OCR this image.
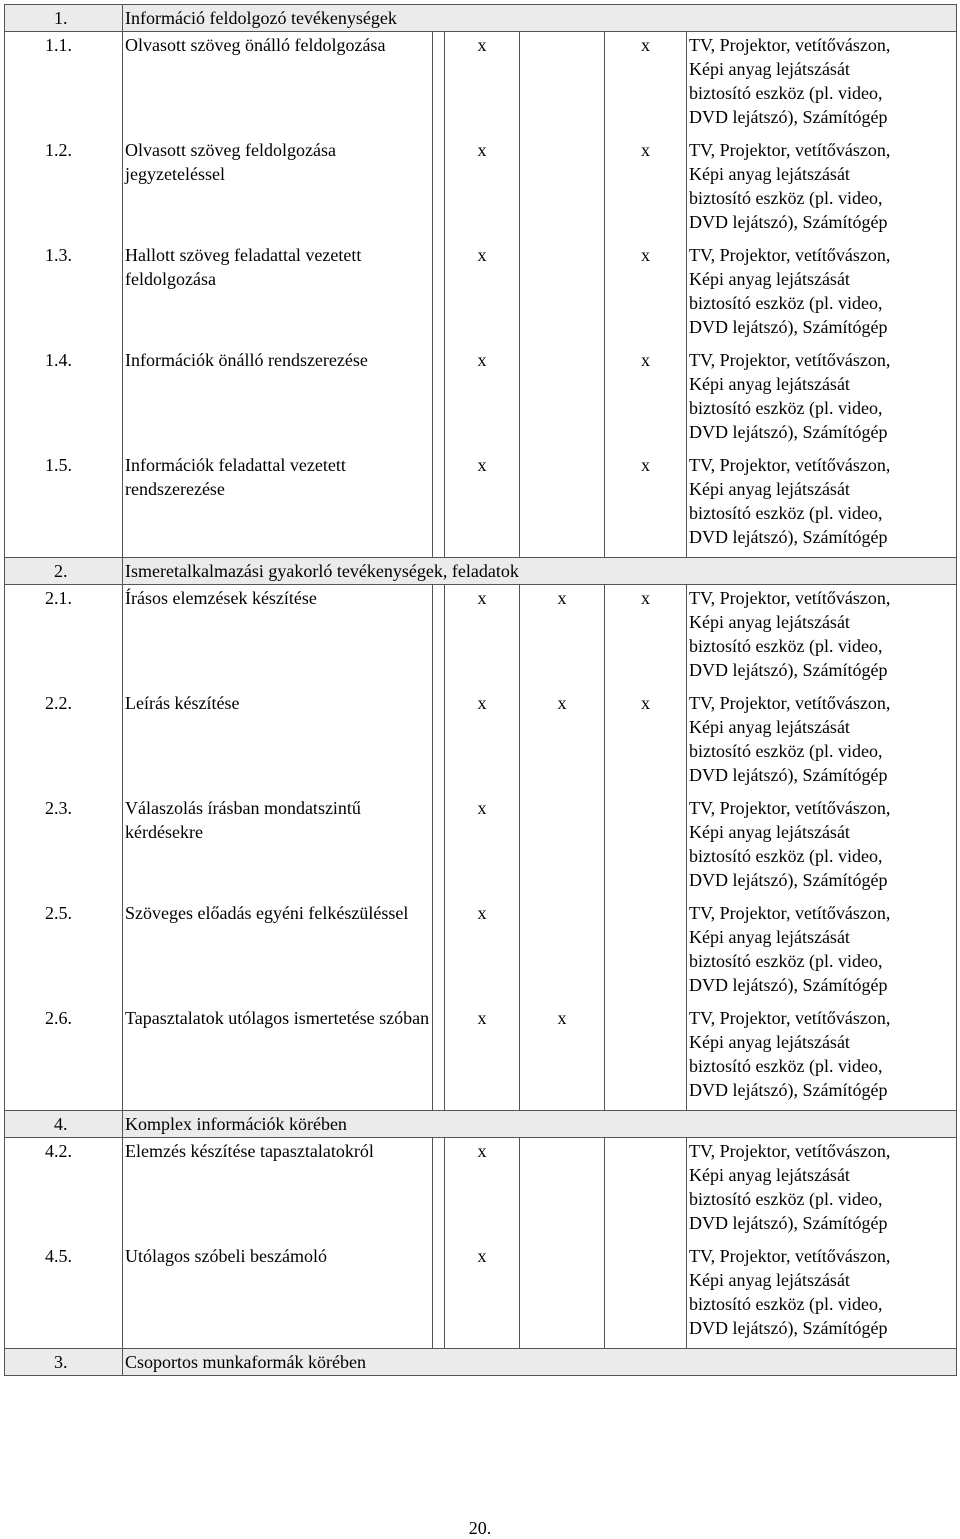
1.	Információ feldolgozó tevékenységek					
1.1.	Olvasott szöveg önálló feldolgozása		x		x	TV, Projektor, vetítővászon,
Képi anyag lejátszását
biztosító eszköz (pl. video,
DVD lejátszó), Számítógép

1.2.	Olvasott szöveg feldolgozása jegyzeteléssel		x		x	TV, Projektor, vetítővászon,
Képi anyag lejátszását
biztosító eszköz (pl. video,
DVD lejátszó), Számítógép

1.3.	Hallott szöveg feladattal vezetett feldolgozása		x		x	TV, Projektor, vetítővászon,
Képi anyag lejátszását
biztosító eszköz (pl. video,
DVD lejátszó), Számítógép

1.4.	Információk önálló rendszerezése		x		x	TV, Projektor, vetítővászon,
Képi anyag lejátszását
biztosító eszköz (pl. video,
DVD lejátszó), Számítógép

1.5.	Információk feladattal vezetett rendszerezése		x		x	TV, Projektor, vetítővászon,
Képi anyag lejátszását
biztosító eszköz (pl. video,
DVD lejátszó), Számítógép

2.	Ismeretalkalmazási gyakorló tevékenységek, feladatok					
2.1.	Írásos elemzések készítése		x	x	x	TV, Projektor, vetítővászon,
Képi anyag lejátszását
biztosító eszköz (pl. video,
DVD lejátszó), Számítógép

2.2.	Leírás készítése		x	x	x	TV, Projektor, vetítővászon,
Képi anyag lejátszását
biztosító eszköz (pl. video,
DVD lejátszó), Számítógép

2.3.	Válaszolás írásban mondatszintű kérdésekre		x			TV, Projektor, vetítővászon,
Képi anyag lejátszását
biztosító eszköz (pl. video,
DVD lejátszó), Számítógép

2.5.	Szöveges előadás egyéni felkészüléssel		x			TV, Projektor, vetítővászon,
Képi anyag lejátszását
biztosító eszköz (pl. video,
DVD lejátszó), Számítógép

2.6.	Tapasztalatok utólagos ismertetése szóban		x	x		TV, Projektor, vetítővászon,
Képi anyag lejátszását
biztosító eszköz (pl. video,
DVD lejátszó), Számítógép

4.	Komplex információk körében					
4.2.	Elemzés készítése tapasztalatokról		x			TV, Projektor, vetítővászon,
Képi anyag lejátszását
biztosító eszköz (pl. video,
DVD lejátszó), Számítógép

4.5.	Utólagos szóbeli beszámoló		x			TV, Projektor, vetítővászon,
Képi anyag lejátszását
biztosító eszköz (pl. video,
DVD lejátszó), Számítógép

3.	Csoportos munkaformák körében					
20.
